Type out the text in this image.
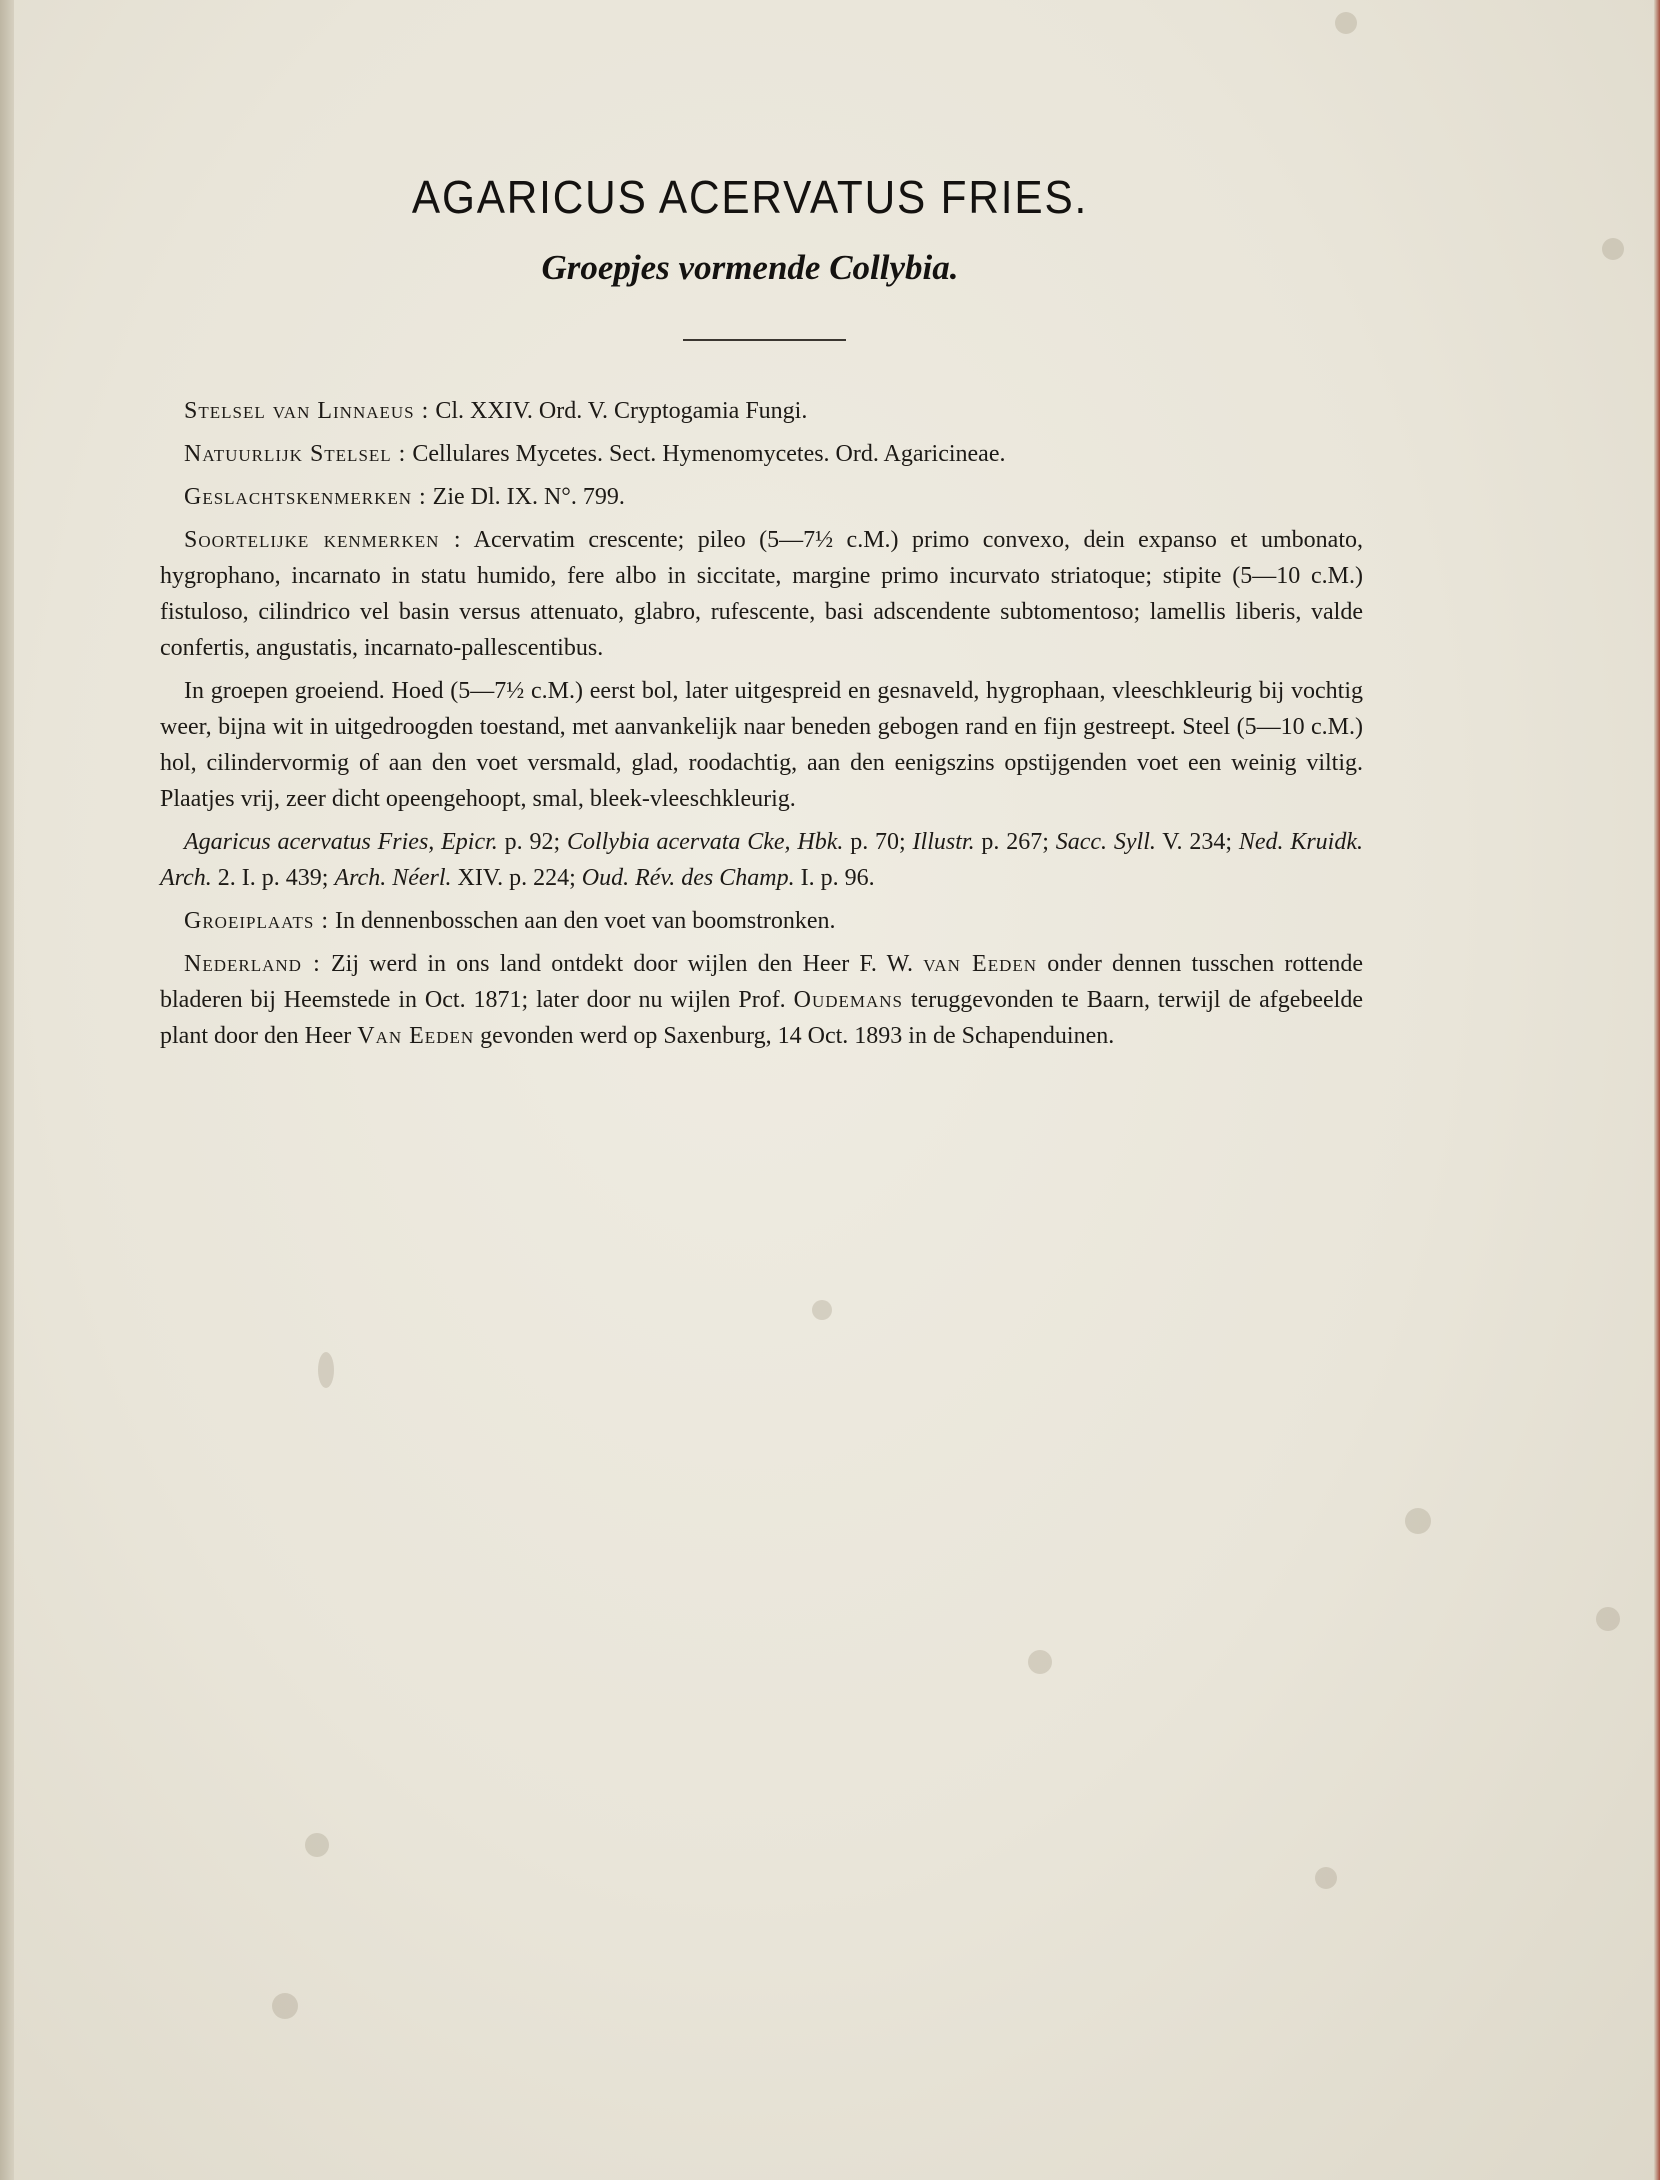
AGARICUS ACERVATUS FRIES.
Groepjes vormende Collybia.

Stelsel van Linnaeus : Cl. XXIV. Ord. V. Cryptogamia Fungi.

Natuurlijk Stelsel : Cellulares Mycetes. Sect. Hymenomycetes. Ord. Agaricineae.

Geslachtskenmerken : Zie Dl. IX. N°. 799.

Soortelijke kenmerken : Acervatim crescente; pileo (5—7½ c.M.) primo convexo, dein expanso et umbonato, hygrophano, incarnato in statu humido, fere albo in siccitate, margine primo incurvato striatoque; stipite (5—10 c.M.) fistuloso, cilindrico vel basin versus attenuato, glabro, rufescente, basi adscendente subtomentoso; lamellis liberis, valde confertis, angustatis, incarnato-pallescentibus.

In groepen groeiend. Hoed (5—7½ c.M.) eerst bol, later uitgespreid en gesnaveld, hygrophaan, vleeschkleurig bij vochtig weer, bijna wit in uitgedroogden toestand, met aanvankelijk naar beneden gebogen rand en fijn gestreept. Steel (5—10 c.M.) hol, cilindervormig of aan den voet versmald, glad, roodachtig, aan den eenigszins opstijgenden voet een weinig viltig. Plaatjes vrij, zeer dicht opeengehoopt, smal, bleek-vleeschkleurig.

Agaricus acervatus Fries, Epicr. p. 92; Collybia acervata Cke, Hbk. p. 70; Illustr. p. 267; Sacc. Syll. V. 234; Ned. Kruidk. Arch. 2. I. p. 439; Arch. Néerl. XIV. p. 224; Oud. Rév. des Champ. I. p. 96.

Groeiplaats : In dennenbosschen aan den voet van boomstronken.

Nederland : Zij werd in ons land ontdekt door wijlen den Heer F. W. van Eeden onder dennen tusschen rottende bladeren bij Heemstede in Oct. 1871; later door nu wijlen Prof. Oudemans teruggevonden te Baarn, terwijl de afgebeelde plant door den Heer Van Eeden gevonden werd op Saxenburg, 14 Oct. 1893 in de Schapenduinen.
